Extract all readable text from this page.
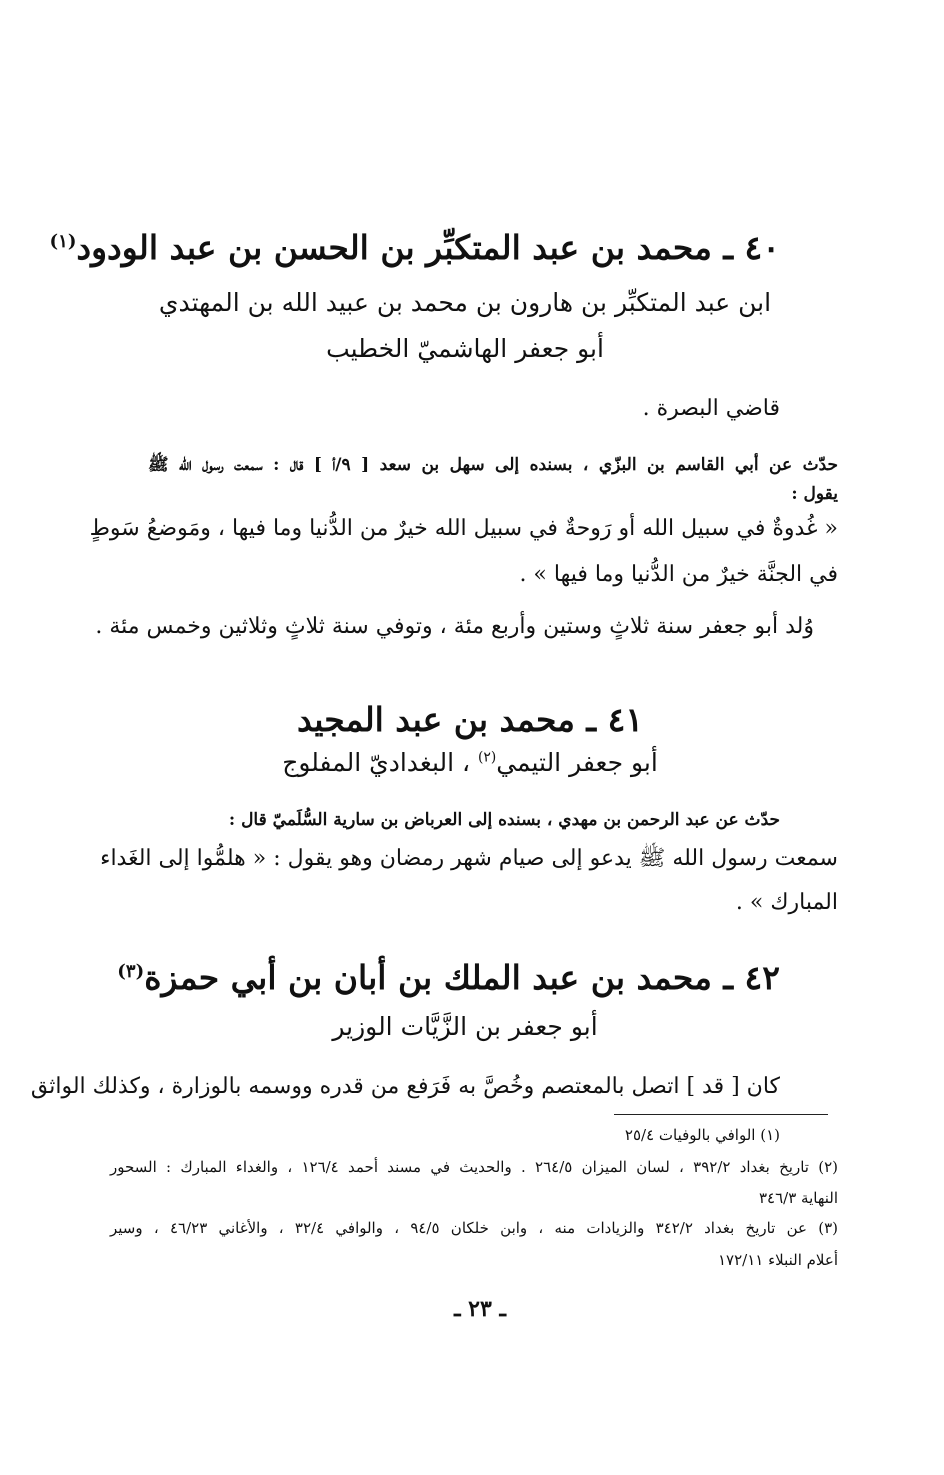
٤٠ ـ محمد بن عبد المتكبِّر بن الحسن بن عبد الودود$^{(١)}$
ابن عبد المتكبِّر بن هارون بن محمد بن عبيد الله بن المهتدي
أبو جعفر الهاشميّ الخطيب
قاضي البصرة .
حدّث عن أبي القاسم بن البزّي ، بسنده إلى سهل بن سعد [ ٩/أ ] قال : سمعت رسول الله ﷺ
يقول :
« غُدوةٌ في سبيل الله أو رَوحةٌ في سبيل الله خيرٌ من الدُّنيا وما فيها ، ومَوضعُ سَوطٍ
في الجنَّة خيرٌ من الدُّنيا وما فيها » .
وُلد أبو جعفر سنة ثلاثٍ وستين وأربع مئة ، وتوفي سنة ثلاثٍ وثلاثين وخمس مئة .
٤١ ـ محمد بن عبد المجيد
أبو جعفر التيمي$^{(٢)}$ ، البغداديّ المفلوج
حدّث عن عبد الرحمن بن مهدي ، بسنده إلى العرباض بن سارية السُّلَميّ قال :
سمعت رسول الله ﷺ يدعو إلى صيام شهر رمضان وهو يقول : « هلمُّوا إلى الغَداء
المبارك » .
٤٢ ـ محمد بن عبد الملك بن أبان بن أبي حمزة$^{(٣)}$
أبو جعفر بن الزَّيَّات الوزير
كان [ قد ] اتصل بالمعتصم وخُصَّ به فَرَفع من قدره ووسمه بالوزارة ، وكذلك الواثق
(١) الوافي بالوفيات ٢٥/٤
(٢) تاريخ بغداد ٣٩٢/٢ ، لسان الميزان ٢٦٤/٥ . والحديث في مسند أحمد ١٢٦/٤ ، والغداء المبارك : السحور
النهاية ٣٤٦/٣
(٣) عن تاريخ بغداد ٣٤٢/٢ والزيادات منه ، وابن خلكان ٩٤/٥ ، والوافي ٣٢/٤ ، والأغاني ٤٦/٢٣ ، وسير
أعلام النبلاء ١٧٢/١١
ـ ٢٣ ـ
